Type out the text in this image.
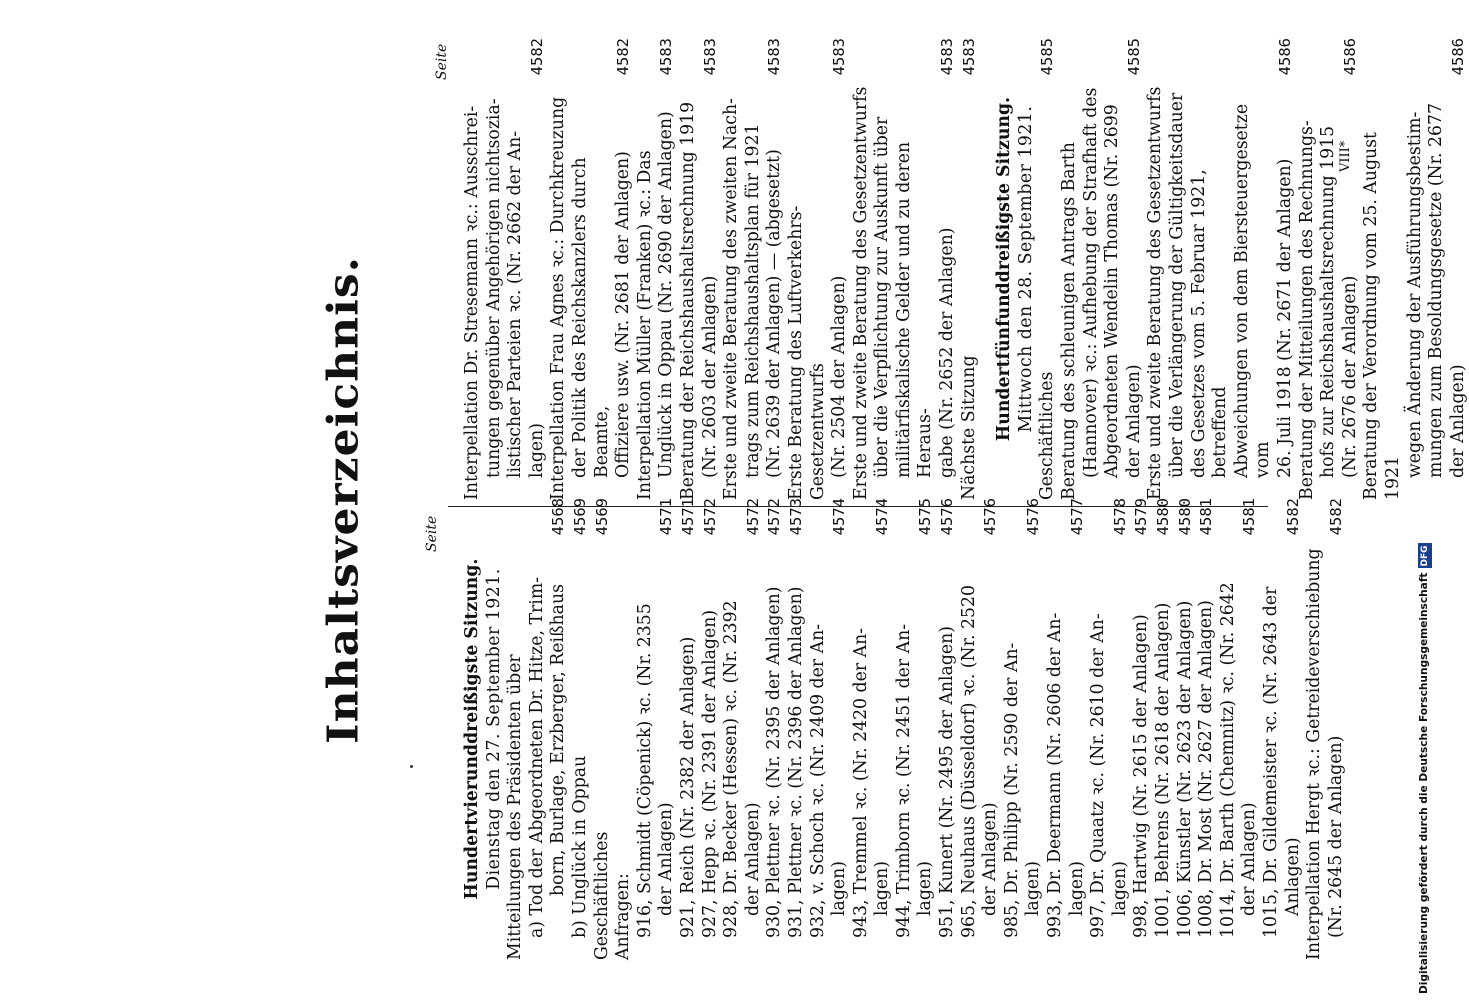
Inhaltsverzeichnis.	Seite
Seite
Hundertvierunddreißigste Sitzung. Dienstag den 27. September 1921. Mitteilungen des Präsidenten über a) Tod der Abgeordneten Dr. Hitze, Trim- born, Burlage, Erzberger, Reißhaus
4568
b) Unglück in Oppau
4569
Geschäftliches
4569
Anfragen: 916, Schmidt (Cöpenick) ꝛc. (Nr. 2355 der Anlagen)
4571
921, Reich (Nr. 2382 der Anlagen)
4571
927, Hepp ꝛc. (Nr. 2391 der Anlagen)
4572
928, Dr. Becker (Hessen) ꝛc. (Nr. 2392 der Anlagen)
4572
930, Plettner ꝛc. (Nr. 2395 der Anlagen)
4572
931, Plettner ꝛc. (Nr. 2396 der Anlagen)
4573
932, v. Schoch ꝛc. (Nr. 2409 der An- lagen)
4574
943, Tremmel ꝛc. (Nr. 2420 der An- lagen)
4574
944, Trimborn ꝛc. (Nr. 2451 der An- lagen)
4575
951, Kunert (Nr. 2495 der Anlagen)
4576
965, Neuhaus (Düsseldorf) ꝛc. (Nr. 2520 der Anlagen)
4576
985, Dr. Philipp (Nr. 2590 der An- lagen)
4576
993, Dr. Deermann (Nr. 2606 der An- lagen)
4577
997, Dr. Quaatz ꝛc. (Nr. 2610 der An- lagen)
4578
998, Hartwig (Nr. 2615 der Anlagen)
4579
1001, Behrens (Nr. 2618 der Anlagen)
4580
1006, Künstler (Nr. 2623 der Anlagen)
4580
1008, Dr. Most (Nr. 2627 der Anlagen)
4581
1014, Dr. Barth (Chemnitz) ꝛc. (Nr. 2642 der Anlagen)
4581
1015, Dr. Gildemeister ꝛc. (Nr. 2643 der Anlagen)
4582
Interpellation Hergt ꝛc.: Getreideverschiebung (Nr. 2645 der Anlagen)
4582
Interpellation Dr. Stresemann ꝛc.: Ausschrei- tungen gegenüber Angehörigen nichtsozia- listischer Parteien ꝛc. (Nr. 2662 der An- lagen)
4582
Interpellation Frau Agnes ꝛc.: Durchkreuzung der Politik des Reichskanzlers durch Beamte, Offiziere usw. (Nr. 2681 der Anlagen)
4582
Interpellation Müller (Franken) ꝛc.: Das Unglück in Oppau (Nr. 2690 der Anlagen)
4583
Beratung der Reichshaushaltsrechnung 1919 (Nr. 2603 der Anlagen)
4583
Erste und zweite Beratung des zweiten Nach- trags zum Reichshaushaltsplan für 1921 (Nr. 2639 der Anlagen) — (abgesetzt)
4583
Erste Beratung des Luftverkehrs-Gesetzentwurfs (Nr. 2504 der Anlagen)
4583
Erste und zweite Beratung des Gesetzentwurfs über die Verpflichtung zur Auskunft über militärfiskalische Gelder und zu deren Heraus- gabe (Nr. 2652 der Anlagen)
4583
Nächste Sitzung
4583
Hundertfünfunddreißigste Sitzung. Mittwoch den 28. September 1921.
Geschäftliches
4585
Beratung des schleunigen Antrags Barth (Hannover) ꝛc.: Aufhebung der Strafhaft des Abgeordneten Wendelin Thomas (Nr. 2699 der Anlagen)
4585
Erste und zweite Beratung des Gesetzentwurfs über die Verlängerung der Gültigkeitsdauer des Gesetzes vom 5. Februar 1921, betreffend Abweichungen von dem Biersteuergesetze vom 26. Juli 1918 (Nr. 2671 der Anlagen)
4586
Beratung der Mitteilungen des Rechnungs- hofs zur Reichshaushaltsrechnung 1915 (Nr. 2676 der Anlagen)
4586
Beratung der Verordnung vom 25. August 1921
wegen Änderung der Ausführungsbestim- mungen zum Besoldungsgesetze (Nr. 2677 der Anlagen)
4586
VIII*
Digitalisierung gefördert durch die Deutsche ForschungsgemeinschaftDFG
